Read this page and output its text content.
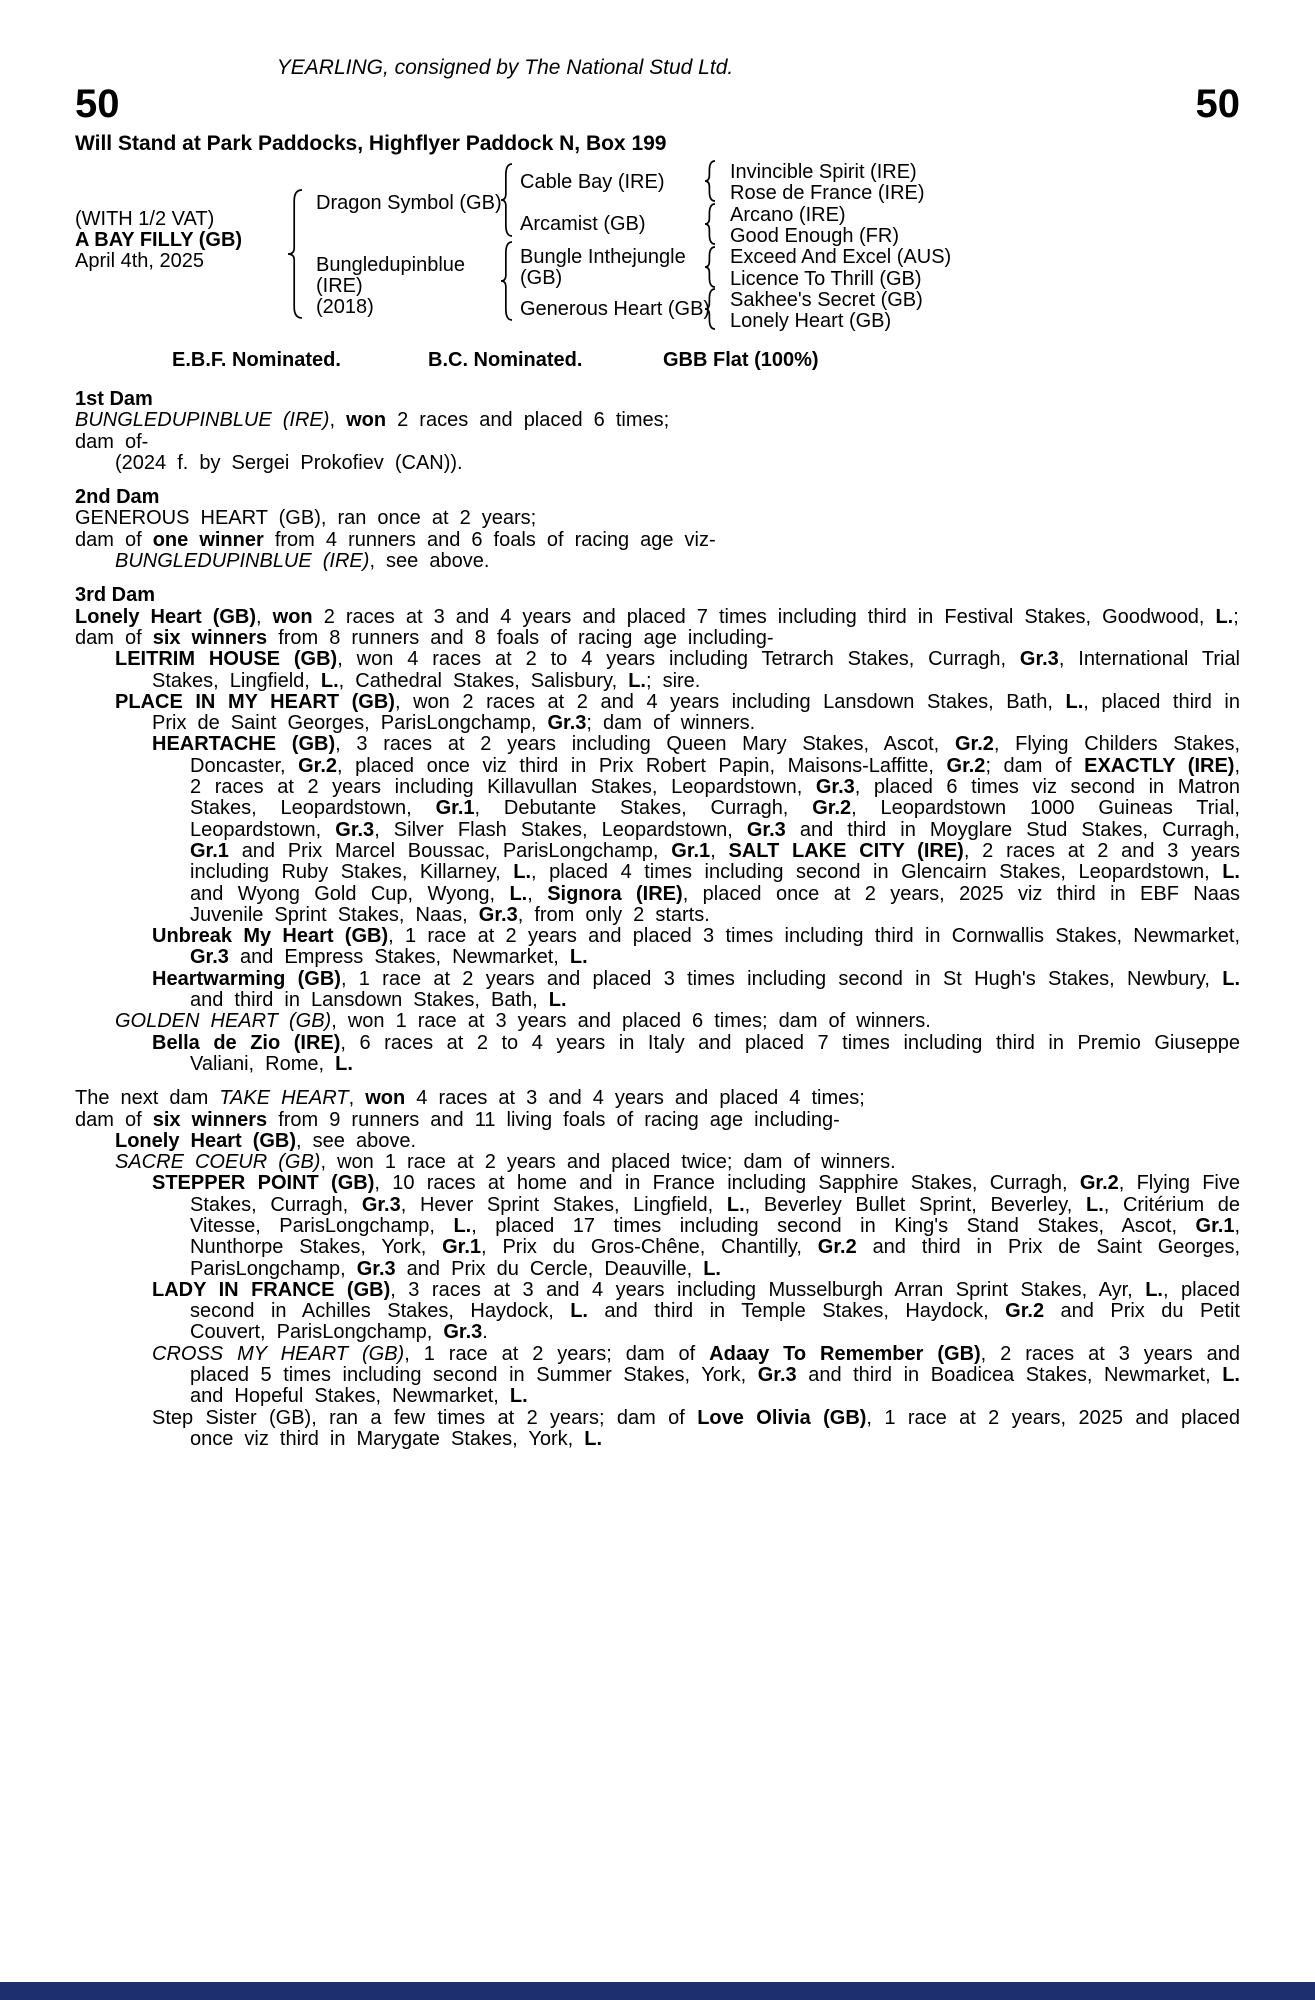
YEARLING, consigned by The National Stud Ltd.
50	50
Will Stand at Park Paddocks, Highflyer Paddock N, Box 199
(WITH 1/2 VAT)
A BAY FILLY (GB)
April 4th, 2025
Dragon Symbol (GB)
Bungledupinblue
(IRE)
(2018)
Cable Bay (IRE)
Arcamist (GB)
Bungle Inthejungle
(GB)
Generous Heart (GB)
Invincible Spirit (IRE)
Rose de France (IRE)
Arcano (IRE)
Good Enough (FR)
Exceed And Excel (AUS)
Licence To Thrill (GB)
Sakhee's Secret (GB)
Lonely Heart (GB)
E.B.F. Nominated.	B.C. Nominated.	GBB Flat (100%)
1st Dam

BUNGLEDUPINBLUE (IRE), won 2 races and placed 6 times;

dam of-

(2024 f. by Sergei Prokofiev (CAN)).

2nd Dam

GENEROUS HEART (GB), ran once at 2 years;

dam of one winner from 4 runners and 6 foals of racing age viz-

BUNGLEDUPINBLUE (IRE), see above.

3rd Dam

Lonely Heart (GB), won 2 races at 3 and 4 years and placed 7 times including third in Festival Stakes, Goodwood, L.;

dam of six winners from 8 runners and 8 foals of racing age including-

LEITRIM HOUSE (GB), won 4 races at 2 to 4 years including Tetrarch Stakes, Curragh, Gr.3, International Trial Stakes, Lingfield, L., Cathedral Stakes, Salisbury, L.; sire.

PLACE IN MY HEART (GB), won 2 races at 2 and 4 years including Lansdown Stakes, Bath, L., placed third in Prix de Saint Georges, ParisLongchamp, Gr.3; dam of winners.

HEARTACHE (GB), 3 races at 2 years including Queen Mary Stakes, Ascot, Gr.2, Flying Childers Stakes, Doncaster, Gr.2, placed once viz third in Prix Robert Papin, Maisons-Laffitte, Gr.2; dam of EXACTLY (IRE), 2 races at 2 years including Killavullan Stakes, Leopardstown, Gr.3, placed 6 times viz second in Matron Stakes, Leopardstown, Gr.1, Debutante Stakes, Curragh, Gr.2, Leopardstown 1000 Guineas Trial, Leopardstown, Gr.3, Silver Flash Stakes, Leopardstown, Gr.3 and third in Moyglare Stud Stakes, Curragh, Gr.1 and Prix Marcel Boussac, ParisLongchamp, Gr.1, SALT LAKE CITY (IRE), 2 races at 2 and 3 years including Ruby Stakes, Killarney, L., placed 4 times including second in Glencairn Stakes, Leopardstown, L. and Wyong Gold Cup, Wyong, L., Signora (IRE), placed once at 2 years, 2025 viz third in EBF Naas Juvenile Sprint Stakes, Naas, Gr.3, from only 2 starts.

Unbreak My Heart (GB), 1 race at 2 years and placed 3 times including third in Cornwallis Stakes, Newmarket, Gr.3 and Empress Stakes, Newmarket, L.

Heartwarming (GB), 1 race at 2 years and placed 3 times including second in St Hugh's Stakes, Newbury, L. and third in Lansdown Stakes, Bath, L.

GOLDEN HEART (GB), won 1 race at 3 years and placed 6 times; dam of winners.

Bella de Zio (IRE), 6 races at 2 to 4 years in Italy and placed 7 times including third in Premio Giuseppe Valiani, Rome, L.

The next dam TAKE HEART, won 4 races at 3 and 4 years and placed 4 times;

dam of six winners from 9 runners and 11 living foals of racing age including-

Lonely Heart (GB), see above.

SACRE COEUR (GB), won 1 race at 2 years and placed twice; dam of winners.

STEPPER POINT (GB), 10 races at home and in France including Sapphire Stakes, Curragh, Gr.2, Flying Five Stakes, Curragh, Gr.3, Hever Sprint Stakes, Lingfield, L., Beverley Bullet Sprint, Beverley, L., Critérium de Vitesse, ParisLongchamp, L., placed 17 times including second in King's Stand Stakes, Ascot, Gr.1, Nunthorpe Stakes, York, Gr.1, Prix du Gros-Chêne, Chantilly, Gr.2 and third in Prix de Saint Georges, ParisLongchamp, Gr.3 and Prix du Cercle, Deauville, L.

LADY IN FRANCE (GB), 3 races at 3 and 4 years including Musselburgh Arran Sprint Stakes, Ayr, L., placed second in Achilles Stakes, Haydock, L. and third in Temple Stakes, Haydock, Gr.2 and Prix du Petit Couvert, ParisLongchamp, Gr.3.

CROSS MY HEART (GB), 1 race at 2 years; dam of Adaay To Remember (GB), 2 races at 3 years and placed 5 times including second in Summer Stakes, York, Gr.3 and third in Boadicea Stakes, Newmarket, L. and Hopeful Stakes, Newmarket, L.

Step Sister (GB), ran a few times at 2 years; dam of Love Olivia (GB), 1 race at 2 years, 2025 and placed once viz third in Marygate Stakes, York, L.
